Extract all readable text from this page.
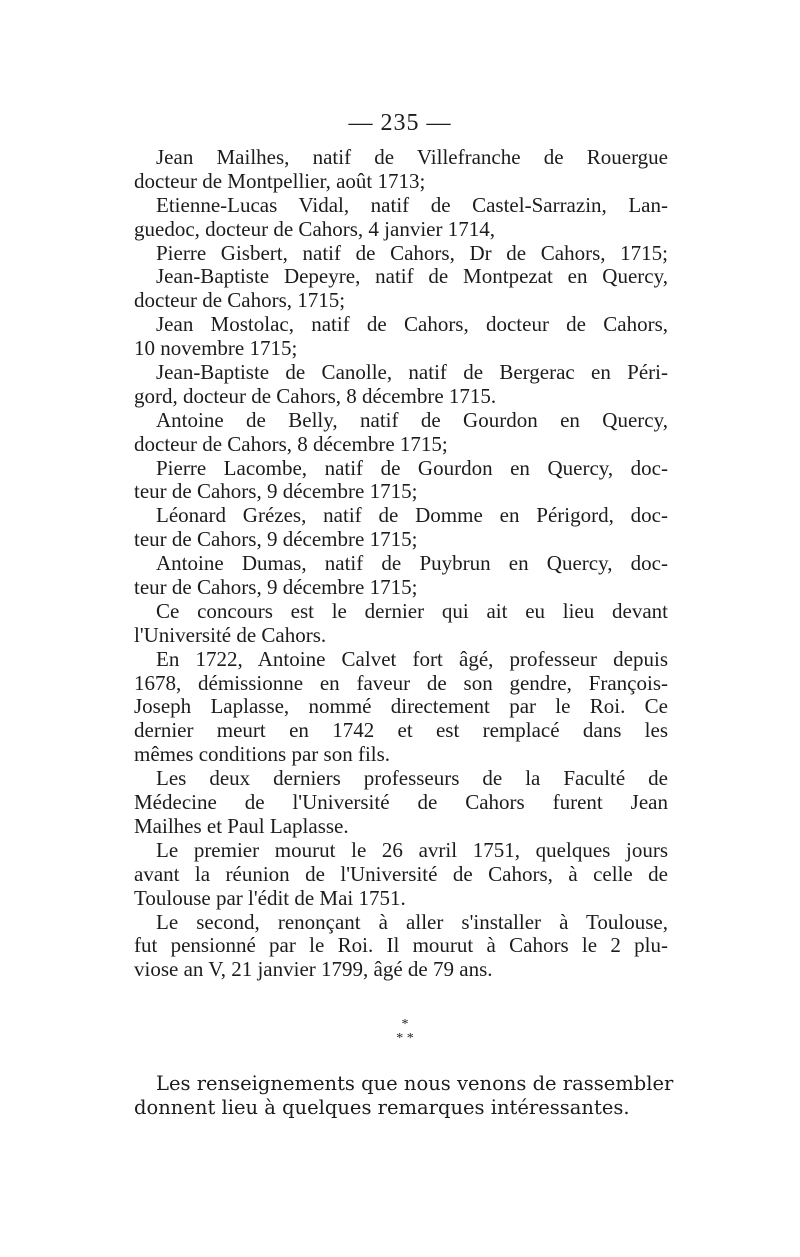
— 235 —
Jean Mailhes, natif de Villefranche de Rouergue
docteur de Montpellier, août 1713;
Etienne-Lucas Vidal, natif de Castel-Sarrazin, Lan-
guedoc, docteur de Cahors, 4 janvier 1714,
Pierre Gisbert, natif de Cahors, Dr de Cahors, 1715;
Jean-Baptiste Depeyre, natif de Montpezat en Quercy,
docteur de Cahors, 1715;
Jean Mostolac, natif de Cahors, docteur de Cahors,
10 novembre 1715;
Jean-Baptiste de Canolle, natif de Bergerac en Péri-
gord, docteur de Cahors, 8 décembre 1715.
Antoine de Belly, natif de Gourdon en Quercy,
docteur de Cahors, 8 décembre 1715;
Pierre Lacombe, natif de Gourdon en Quercy, doc-
teur de Cahors, 9 décembre 1715;
Léonard Grézes, natif de Domme en Périgord, doc-
teur de Cahors, 9 décembre 1715;
Antoine Dumas, natif de Puybrun en Quercy, doc-
teur de Cahors, 9 décembre 1715;
Ce concours est le dernier qui ait eu lieu devant
l'Université de Cahors.
En 1722, Antoine Calvet fort âgé, professeur depuis
1678, démissionne en faveur de son gendre, François-
Joseph Laplasse, nommé directement par le Roi. Ce
dernier meurt en 1742 et est remplacé dans les
mêmes conditions par son fils.
Les deux derniers professeurs de la Faculté de
Médecine de l'Université de Cahors furent Jean
Mailhes et Paul Laplasse.
Le premier mourut le 26 avril 1751, quelques jours
avant la réunion de l'Université de Cahors, à celle de
Toulouse par l'édit de Mai 1751.
Le second, renonçant à aller s'installer à Toulouse,
fut pensionné par le Roi. Il mourut à Cahors le 2 plu-
viose an V, 21 janvier 1799, âgé de 79 ans.
*
* *
Les renseignements que nous venons de rassembler
donnent lieu à quelques remarques intéressantes.
